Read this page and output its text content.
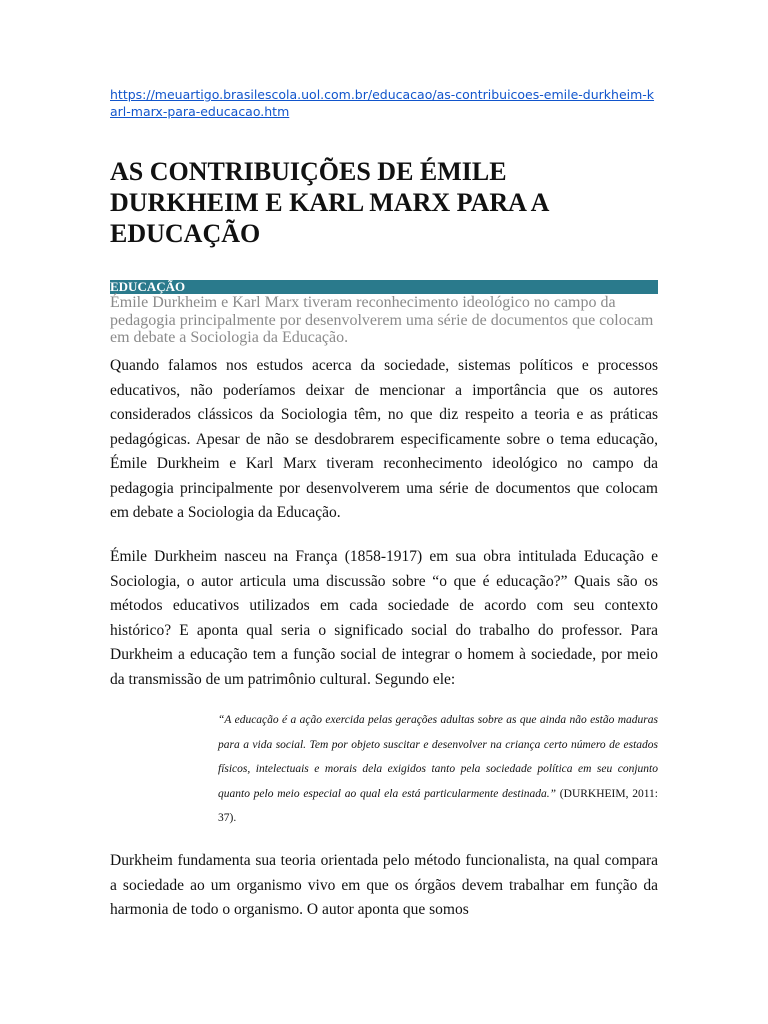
https://meuartigo.brasilescola.uol.com.br/educacao/as-contribuicoes-emile-durkheim-karl-marx-para-educacao.htm
AS CONTRIBUIÇÕES DE ÉMILE DURKHEIM E KARL MARX PARA A EDUCAÇÃO
EDUCAÇÃO
Émile Durkheim e Karl Marx tiveram reconhecimento ideológico no campo da pedagogia principalmente por desenvolverem uma série de documentos que colocam em debate a Sociologia da Educação.

Quando falamos nos estudos acerca da sociedade, sistemas políticos e processos educativos, não poderíamos deixar de mencionar a importância que os autores considerados clássicos da Sociologia têm, no que diz respeito a teoria e as práticas pedagógicas. Apesar de não se desdobrarem especificamente sobre o tema educação, Émile Durkheim e Karl Marx tiveram reconhecimento ideológico no campo da pedagogia principalmente por desenvolverem uma série de documentos que colocam em debate a Sociologia da Educação.

Émile Durkheim nasceu na França (1858-1917) em sua obra intitulada Educação e Sociologia, o autor articula uma discussão sobre “o que é educação?” Quais são os métodos educativos utilizados em cada sociedade de acordo com seu contexto histórico? E aponta qual seria o significado social do trabalho do professor. Para Durkheim a educação tem a função social de integrar o homem à sociedade, por meio da transmissão de um patrimônio cultural. Segundo ele:

“A educação é a ação exercida pelas gerações adultas sobre as que ainda não estão maduras para a vida social. Tem por objeto suscitar e desenvolver na criança certo número de estados físicos, intelectuais e morais dela exigidos tanto pela sociedade política em seu conjunto quanto pelo meio especial ao qual ela está particularmente destinada.” (DURKHEIM, 2011: 37).

Durkheim fundamenta sua teoria orientada pelo método funcionalista, na qual compara a sociedade ao um organismo vivo em que os órgãos devem trabalhar em função da harmonia de todo o organismo. O autor aponta que somos
